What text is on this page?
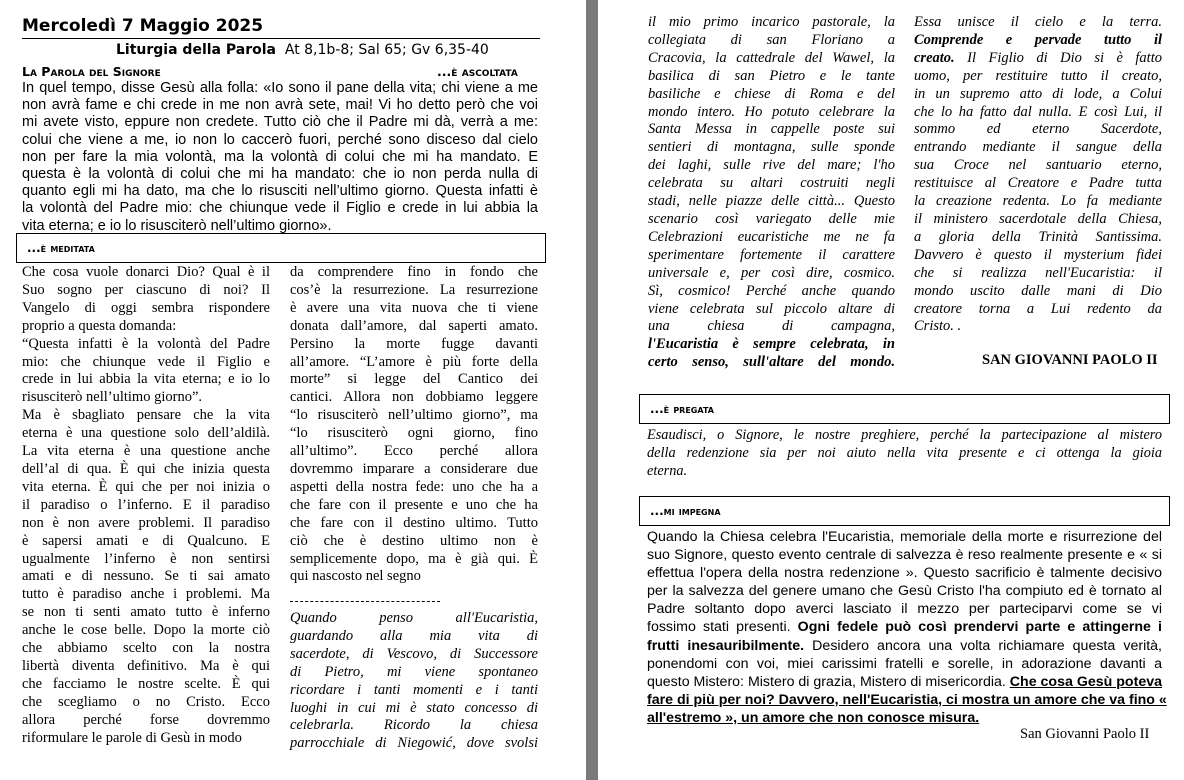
Mercoledì 7 Maggio 2025
Liturgia della Parola At 8,1b-8; Sal 65; Gv 6,35-40
La Parola del Signore	...è ascoltata
In quel tempo, disse Gesù alla folla: «Io sono il pane della vita; chi viene a me
non avrà fame e chi crede in me non avrà sete, mai! Vi ho detto però che voi
mi avete visto, eppure non credete. Tutto ciò che il Padre mi dà, verrà a me:
colui che viene a me, io non lo caccerò fuori, perché sono disceso dal cielo
non per fare la mia volontà, ma la volontà di colui che mi ha mandato. E
questa è la volontà di colui che mi ha mandato: che io non perda nulla di
quanto egli mi ha dato, ma che lo risusciti nell’ultimo giorno. Questa infatti è
la volontà del Padre mio: che chiunque vede il Figlio e crede in lui abbia la
vita eterna; e io lo risusciterò nell’ultimo giorno».
...è meditata
Che cosa vuole donarci Dio? Qual è il
Suo sogno per ciascuno di noi? Il
Vangelo di oggi sembra rispondere
proprio a questa domanda:
“Questa infatti è la volontà del Padre
mio: che chiunque vede il Figlio e
crede in lui abbia la vita eterna; e io lo
risusciterò nell’ultimo giorno”.
Ma è sbagliato pensare che la vita
eterna è una questione solo dell’aldilà.
La vita eterna è una questione anche
dell’al di qua. È qui che inizia questa
vita eterna. È qui che per noi inizia o
il paradiso o l’inferno. E il paradiso
non è non avere problemi. Il paradiso
è sapersi amati e di Qualcuno. E
ugualmente l’inferno è non sentirsi
amati e di nessuno. Se ti sai amato
tutto è paradiso anche i problemi. Ma
se non ti senti amato tutto è inferno
anche le cose belle. Dopo la morte ciò
che abbiamo scelto con la nostra
libertà diventa definitivo. Ma è qui
che facciamo le nostre scelte. È qui
che scegliamo o no Cristo. Ecco
allora perché forse dovremmo
riformulare le parole di Gesù in modo
da comprendere fino in fondo che
cos’è la resurrezione. La resurrezione
è avere una vita nuova che ti viene
donata dall’amore, dal saperti amato.
Persino la morte fugge davanti
all’amore. “L’amore è più forte della
morte” si legge del Cantico dei
cantici. Allora non dobbiamo leggere
“lo risusciterò nell’ultimo giorno”, ma
“lo risusciterò ogni giorno, fino
all’ultimo”. Ecco perché allora
dovremmo imparare a considerare due
aspetti della nostra fede: uno che ha a
che fare con il presente e uno che ha
che fare con il destino ultimo. Tutto
ciò che è destino ultimo non è
semplicemente dopo, ma è già qui. È
qui nascosto nel segno
Quando penso all'Eucaristia,
guardando alla mia vita di
sacerdote, di Vescovo, di Successore
di Pietro, mi viene spontaneo
ricordare i tanti momenti e i tanti
luoghi in cui mi è stato concesso di
celebrarla. Ricordo la chiesa
parrocchiale di Niegowić, dove svolsi
il mio primo incarico pastorale, la
collegiata di san Floriano a
Cracovia, la cattedrale del Wawel, la
basilica di san Pietro e le tante
basiliche e chiese di Roma e del
mondo intero. Ho potuto celebrare la
Santa Messa in cappelle poste sui
sentieri di montagna, sulle sponde
dei laghi, sulle rive del mare; l'ho
celebrata su altari costruiti negli
stadi, nelle piazze delle città... Questo
scenario così variegato delle mie
Celebrazioni eucaristiche me ne fa
sperimentare fortemente il carattere
universale e, per così dire, cosmico.
Sì, cosmico! Perché anche quando
viene celebrata sul piccolo altare di
una chiesa di campagna,
l'Eucaristia è sempre celebrata, in
certo senso, sull'altare del mondo.
Essa unisce il cielo e la terra.
Comprende e pervade tutto il
creato. Il Figlio di Dio si è fatto
uomo, per restituire tutto il creato,
in un supremo atto di lode, a Colui
che lo ha fatto dal nulla. E così Lui, il
sommo ed eterno Sacerdote,
entrando mediante il sangue della
sua Croce nel santuario eterno,
restituisce al Creatore e Padre tutta
la creazione redenta. Lo fa mediante
il ministero sacerdotale della Chiesa,
a gloria della Trinità Santissima.
Davvero è questo il mysterium fidei
che si realizza nell'Eucaristia: il
mondo uscito dalle mani di Dio
creatore torna a Lui redento da
Cristo. .
SAN GIOVANNI PAOLO II
...è pregata
Esaudisci, o Signore, le nostre preghiere, perché la partecipazione al mistero
della redenzione sia per noi aiuto nella vita presente e ci ottenga la gioia
eterna.
...mi impegna
Quando la Chiesa celebra l'Eucaristia, memoriale della morte e risurrezione del
suo Signore, questo evento centrale di salvezza è reso realmente presente e « si
effettua l'opera della nostra redenzione ». Questo sacrificio è talmente decisivo
per la salvezza del genere umano che Gesù Cristo l'ha compiuto ed è tornato al
Padre soltanto dopo averci lasciato il mezzo per parteciparvi come se vi
fossimo stati presenti. Ogni fedele può così prendervi parte e attingerne i
frutti inesauribilmente. Desidero ancora una volta richiamare questa verità,
ponendomi con voi, miei carissimi fratelli e sorelle, in adorazione davanti a
questo Mistero: Mistero di grazia, Mistero di misericordia. Che cosa Gesù poteva
fare di più per noi? Davvero, nell'Eucaristia, ci mostra un amore che va fino «
all'estremo », un amore che non conosce misura.
San Giovanni Paolo II
